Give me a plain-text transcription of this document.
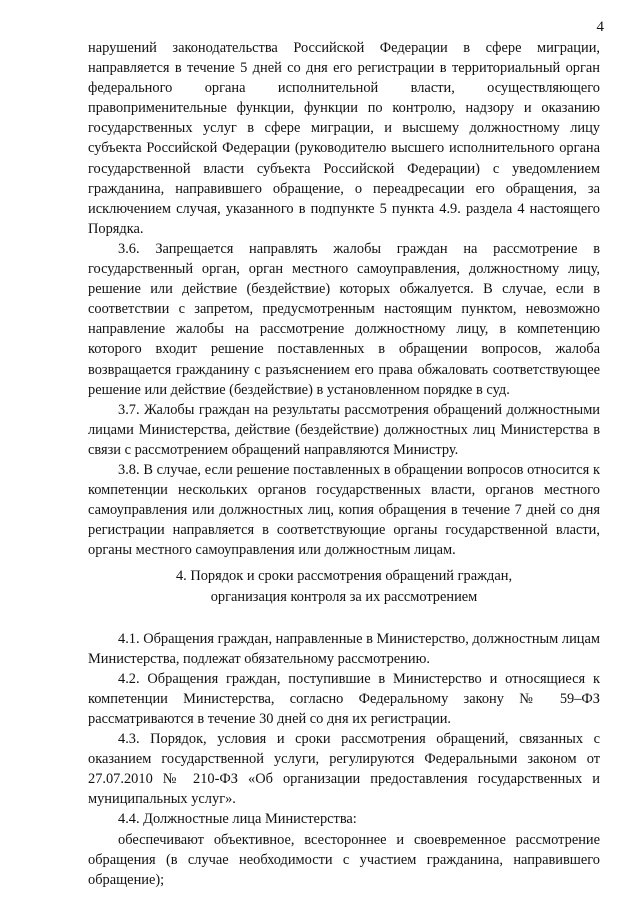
4

нарушений законодательства Российской Федерации в сфере миграции, направляется в течение 5 дней со дня его регистрации в территориальный орган федерального органа исполнительной власти, осуществляющего правоприменительные функции, функции по контролю, надзору и оказанию государственных услуг в сфере миграции, и высшему должностному лицу субъекта Российской Федерации (руководителю высшего исполнительного органа государственной власти субъекта Российской Федерации) с уведомлением гражданина, направившего обращение, о переадресации его обращения, за исключением случая, указанного в подпункте 5 пункта 4.9. раздела 4 настоящего Порядка.

3.6. Запрещается направлять жалобы граждан на рассмотрение в государственный орган, орган местного самоуправления, должностному лицу, решение или действие (бездействие) которых обжалуется. В случае, если в соответствии с запретом, предусмотренным настоящим пунктом, невозможно направление жалобы на рассмотрение должностному лицу, в компетенцию которого входит решение поставленных в обращении вопросов, жалоба возвращается гражданину с разъяснением его права обжаловать соответствующее решение или действие (бездействие) в установленном порядке в суд.

3.7. Жалобы граждан на результаты рассмотрения обращений должностными лицами Министерства, действие (бездействие) должностных лиц Министерства в связи с рассмотрением обращений направляются Министру.

3.8. В случае, если решение поставленных в обращении вопросов относится к компетенции нескольких органов государственных власти, органов местного самоуправления или должностных лиц, копия обращения в течение 7 дней со дня регистрации направляется в соответствующие органы государственной власти, органы местного самоуправления или должностным лицам.

4. Порядок и сроки рассмотрения обращений граждан,
организация контроля за их рассмотрением

4.1. Обращения граждан, направленные в Министерство, должностным лицам Министерства, подлежат обязательному рассмотрению.

4.2. Обращения граждан, поступившие в Министерство и относящиеся к компетенции Министерства, согласно Федеральному закону № 59–ФЗ рассматриваются в течение 30 дней со дня их регистрации.

4.3. Порядок, условия и сроки рассмотрения обращений, связанных с оказанием государственной услуги, регулируются Федеральными законом от 27.07.2010 № 210-ФЗ «Об организации предоставления государственных и муниципальных услуг».

4.4. Должностные лица Министерства:

обеспечивают объективное, всестороннее и своевременное рассмотрение обращения (в случае необходимости с участием гражданина, направившего обращение);
